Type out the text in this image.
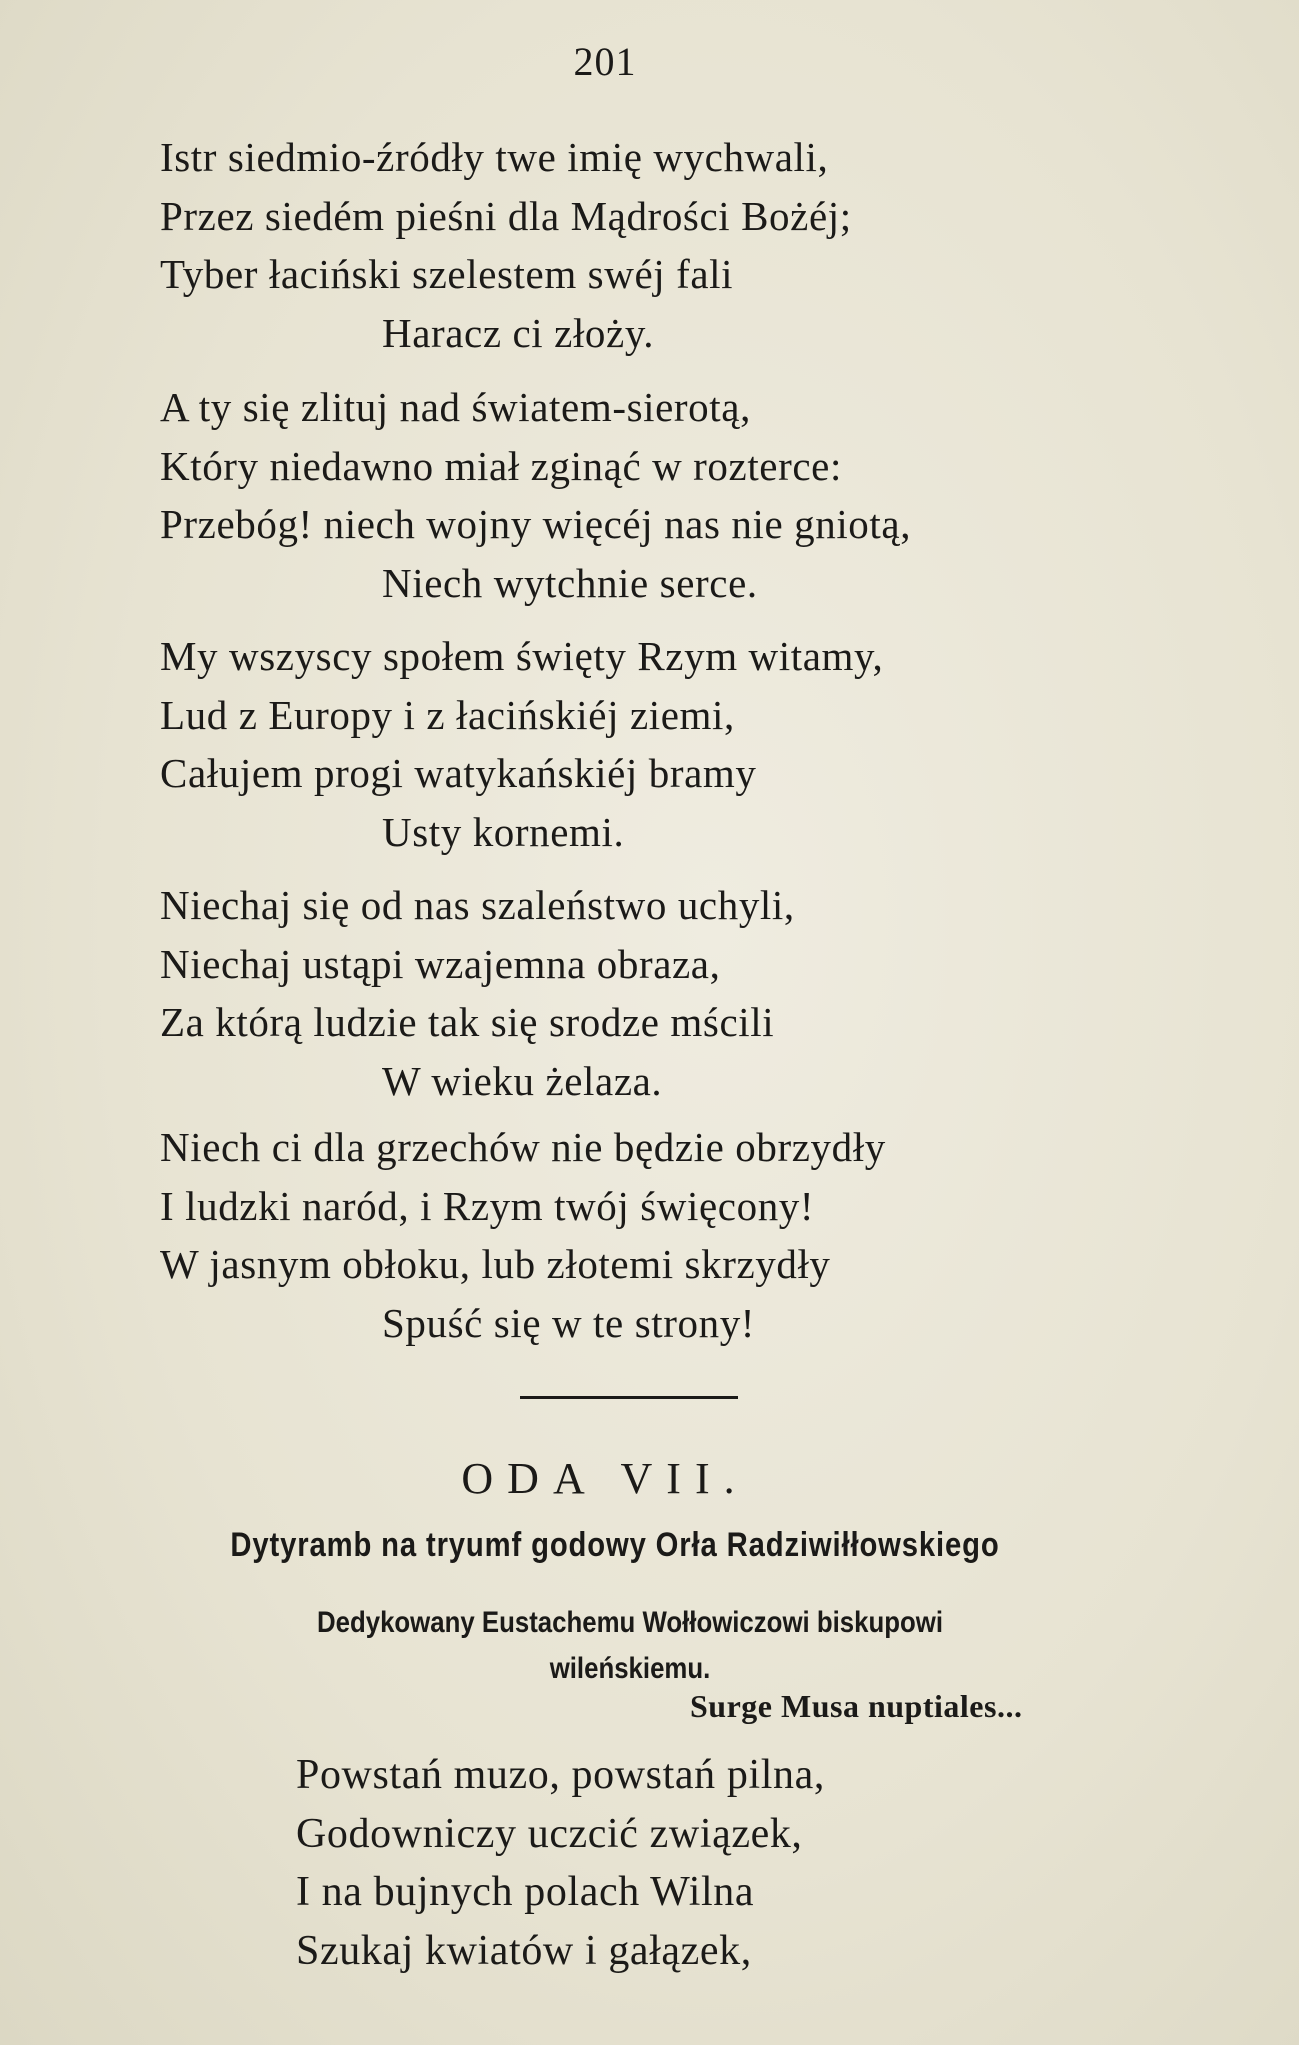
201
Istr siedmio-źródły twe imię wychwali,
Przez siedém pieśni dla Mądrości Bożéj;
Tyber łaciński szelestem swéj fali
Haracz ci złoży.
A ty się zlituj nad światem-sierotą,
Który niedawno miał zginąć w rozterce:
Przebóg! niech wojny więcéj nas nie gniotą,
Niech wytchnie serce.
My wszyscy społem święty Rzym witamy,
Lud z Europy i z łacińskiéj ziemi,
Całujem progi watykańskiéj bramy
Usty kornemi.
Niechaj się od nas szaleństwo uchyli,
Niechaj ustąpi wzajemna obraza,
Za którą ludzie tak się srodze mścili
W wieku żelaza.
Niech ci dla grzechów nie będzie obrzydły
I ludzki naród, i Rzym twój święcony!
W jasnym obłoku, lub złotemi skrzydły
Spuść się w te strony!
ODA VII.
Dytyramb na tryumf godowy Orła Radziwiłłowskiego
Dedykowany Eustachemu Wołłowiczowi biskupowi
wileńskiemu.
Surge Musa nuptiales...
Powstań muzo, powstań pilna,
Godowniczy uczcić związek,
I na bujnych polach Wilna
Szukaj kwiatów i gałązek,
